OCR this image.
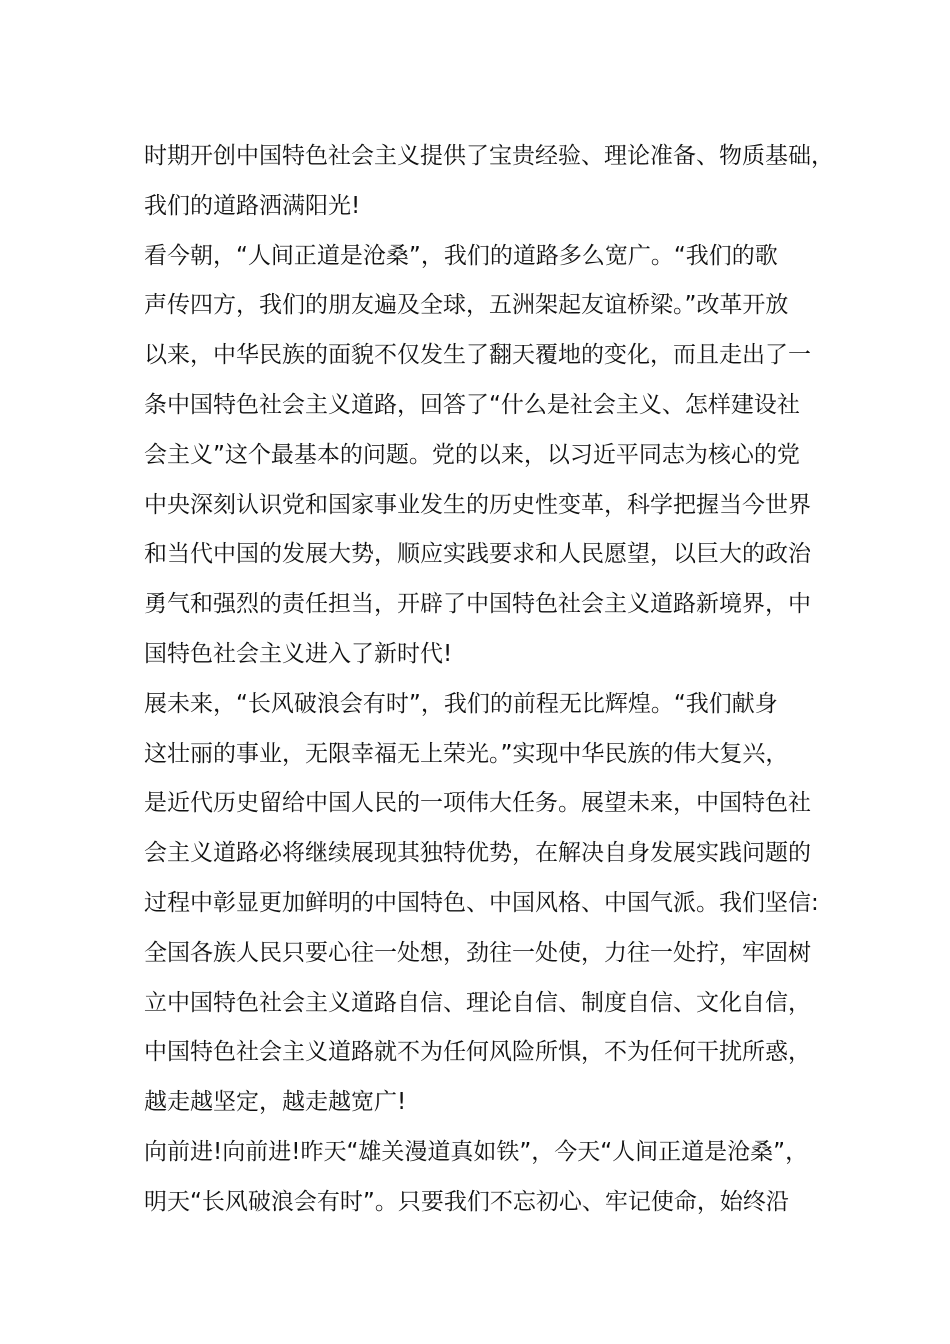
时期开创中国特色社会主义提供了宝贵经验、理论准备、物质基础，
我们的道路洒满阳光!
看今朝，“人间正道是沧桑”，我们的道路多么宽广。“我们的歌
声传四方，我们的朋友遍及全球，五洲架起友谊桥梁。”改革开放
以来，中华民族的面貌不仅发生了翻天覆地的变化，而且走出了一
条中国特色社会主义道路，回答了“什么是社会主义、怎样建设社
会主义”这个最基本的问题。党的以来，以习近平同志为核心的党
中央深刻认识党和国家事业发生的历史性变革，科学把握当今世界
和当代中国的发展大势，顺应实践要求和人民愿望，以巨大的政治
勇气和强烈的责任担当，开辟了中国特色社会主义道路新境界，中
国特色社会主义进入了新时代!
展未来，“长风破浪会有时”，我们的前程无比辉煌。“我们献身
这壮丽的事业，无限幸福无上荣光。”实现中华民族的伟大复兴，
是近代历史留给中国人民的一项伟大任务。展望未来，中国特色社
会主义道路必将继续展现其独特优势，在解决自身发展实践问题的
过程中彰显更加鲜明的中国特色、中国风格、中国气派。我们坚信:
全国各族人民只要心往一处想，劲往一处使，力往一处拧，牢固树
立中国特色社会主义道路自信、理论自信、制度自信、文化自信，
中国特色社会主义道路就不为任何风险所惧，不为任何干扰所惑，
越走越坚定，越走越宽广!
向前进!向前进!昨天“雄关漫道真如铁”，今天“人间正道是沧桑”，
明天“长风破浪会有时”。只要我们不忘初心、牢记使命，始终沿
